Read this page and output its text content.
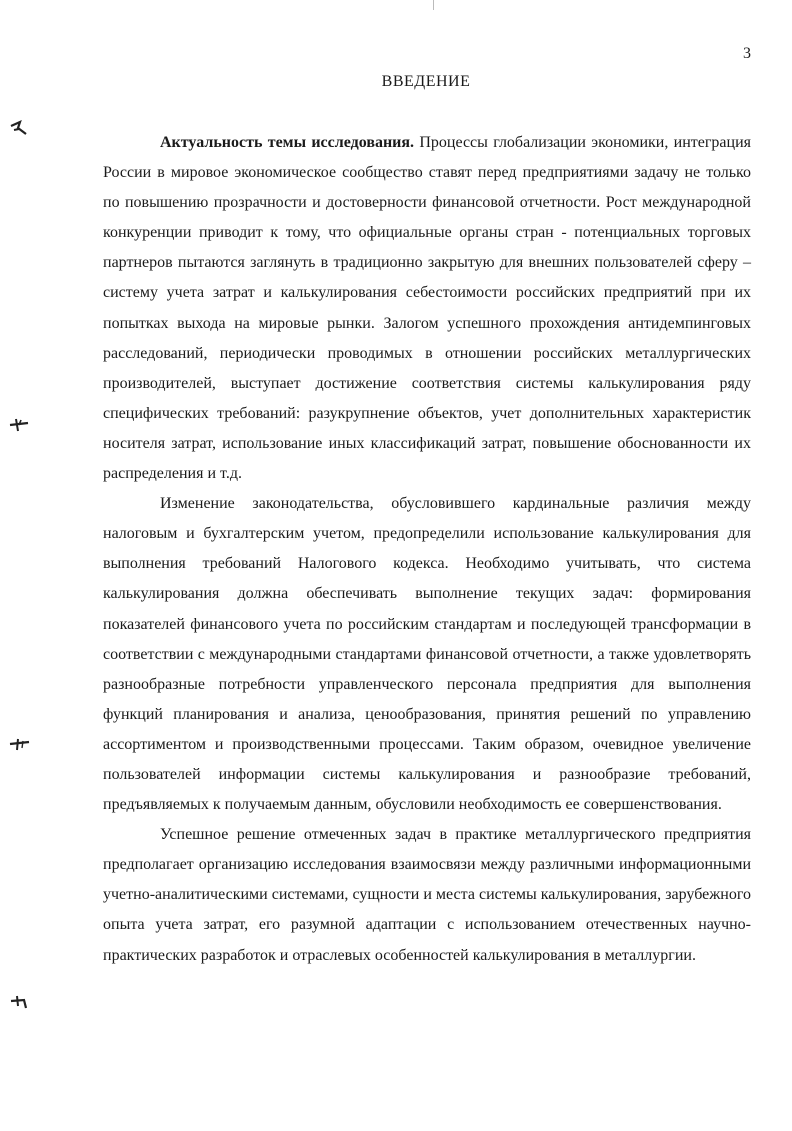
3
ВВЕДЕНИЕ

Актуальность темы исследования. Процессы глобализации экономики, интеграция России в мировое экономическое сообщество ставят перед предприятиями задачу не только по повышению прозрачности и достоверности финансовой отчетности. Рост международной конкуренции приводит к тому, что официальные органы стран - потенциальных торговых партнеров пытаются заглянуть в традиционно закрытую для внешних пользователей сферу – систему учета затрат и калькулирования себестоимости российских предприятий при их попытках выхода на мировые рынки. Залогом успешного прохождения антидемпинговых расследований, периодически проводимых в отношении российских металлургических производителей, выступает достижение соответствия системы калькулирования ряду специфических требований: разукрупнение объектов, учет дополнительных характеристик носителя затрат, использование иных классификаций затрат, повышение обоснованности их распределения и т.д.

Изменение законодательства, обусловившего кардинальные различия между налоговым и бухгалтерским учетом, предопределили использование калькулирования для выполнения требований Налогового кодекса. Необходимо учитывать, что система калькулирования должна обеспечивать выполнение текущих задач: формирования показателей финансового учета по российским стандартам и последующей трансформации в соответствии с международными стандартами финансовой отчетности, а также удовлетворять разнообразные потребности управленческого персонала предприятия для выполнения функций планирования и анализа, ценообразования, принятия решений по управлению ассортиментом и производственными процессами. Таким образом, очевидное увеличение пользователей информации системы калькулирования и разнообразие требований, предъявляемых к получаемым данным, обусловили необходимость ее совершенствования.

Успешное решение отмеченных задач в практике металлургического предприятия предполагает организацию исследования взаимосвязи между различными информационными учетно-аналитическими системами, сущности и места системы калькулирования, зарубежного опыта учета затрат, его разумной адаптации с использованием отечественных научно-практических разработок и отраслевых особенностей калькулирования в металлургии.
